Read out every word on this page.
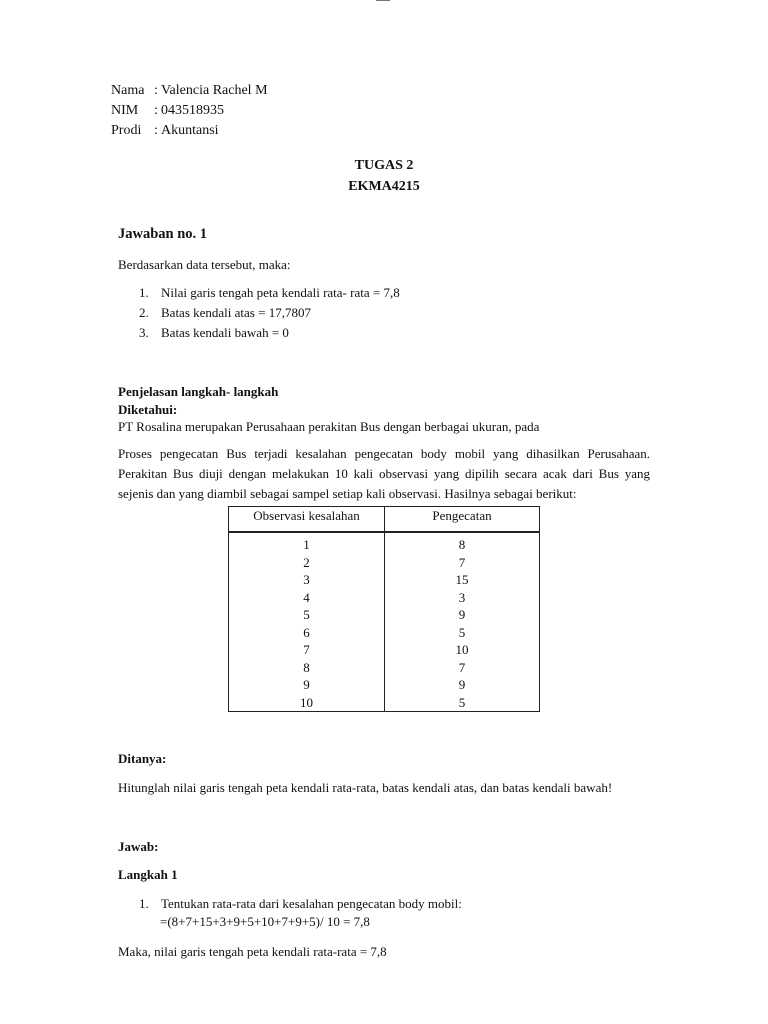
Nama : Valencia Rachel M
NIM	: 043518935
Prodi : Akuntansi
TUGAS 2
EKMA4215
Jawaban no. 1
Berdasarkan data tersebut, maka:
1. Nilai garis tengah peta kendali rata- rata = 7,8
2. Batas kendali atas = 17,7807
3. Batas kendali bawah = 0
Penjelasan langkah- langkah
Diketahui:
PT Rosalina merupakan Perusahaan perakitan Bus dengan berbagai ukuran, pada
Proses pengecatan Bus terjadi kesalahan pengecatan body mobil yang dihasilkan Perusahaan. Perakitan Bus diuji dengan melakukan 10 kali observasi yang dipilih secara acak dari Bus yang sejenis dan yang diambil sebagai sampel setiap kali observasi. Hasilnya sebagai berikut:
Observasi kesalahan	Pengecatan
1	8
2	7
3	15
4	3
5	9
6	5
7	10
8	7
9	9
10	5
Ditanya:
Hitunglah nilai garis tengah peta kendali rata-rata, batas kendali atas, dan batas kendali bawah!
Jawab:
Langkah 1
1. Tentukan rata-rata dari kesalahan pengecatan body mobil:
=(8+7+15+3+9+5+10+7+9+5)/ 10 = 7,8
Maka, nilai garis tengah peta kendali rata-rata = 7,8
